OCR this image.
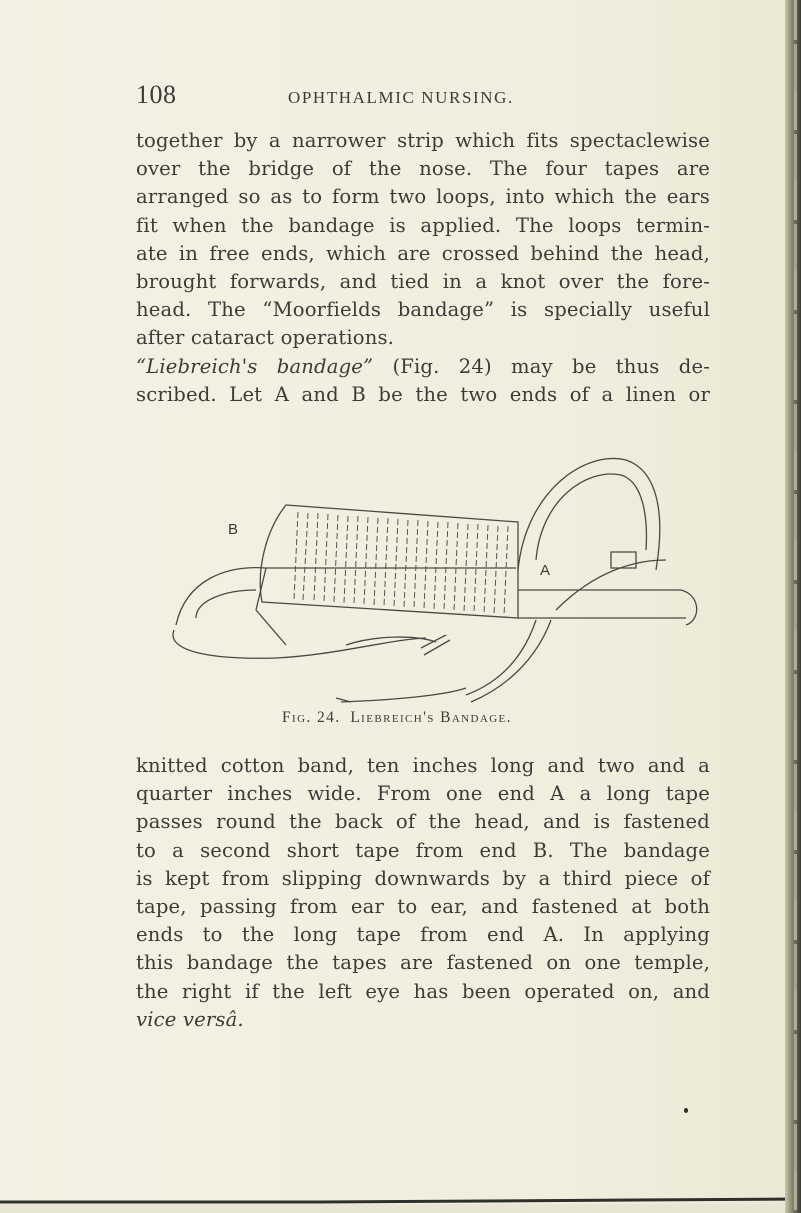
108	OPHTHALMIC NURSING.
together by a narrower strip which fits spectaclewise
over the bridge of the nose. The four tapes are
arranged so as to form two loops, into which the ears
fit when the bandage is applied. The loops termin-
ate in free ends, which are crossed behind the head,
brought forwards, and tied in a knot over the fore-
head. The “Moorfields bandage” is specially useful
after cataract operations.
“Liebreich's bandage” (Fig. 24) may be thus de-
scribed. Let A and B be the two ends of a linen or
B
A
Fig. 24. Liebreich's Bandage.
knitted cotton band, ten inches long and two and a
quarter inches wide. From one end A a long tape
passes round the back of the head, and is fastened
to a second short tape from end B. The bandage
is kept from slipping downwards by a third piece of
tape, passing from ear to ear, and fastened at both
ends to the long tape from end A. In applying
this bandage the tapes are fastened on one temple,
the right if the left eye has been operated on, and
vice versâ.
